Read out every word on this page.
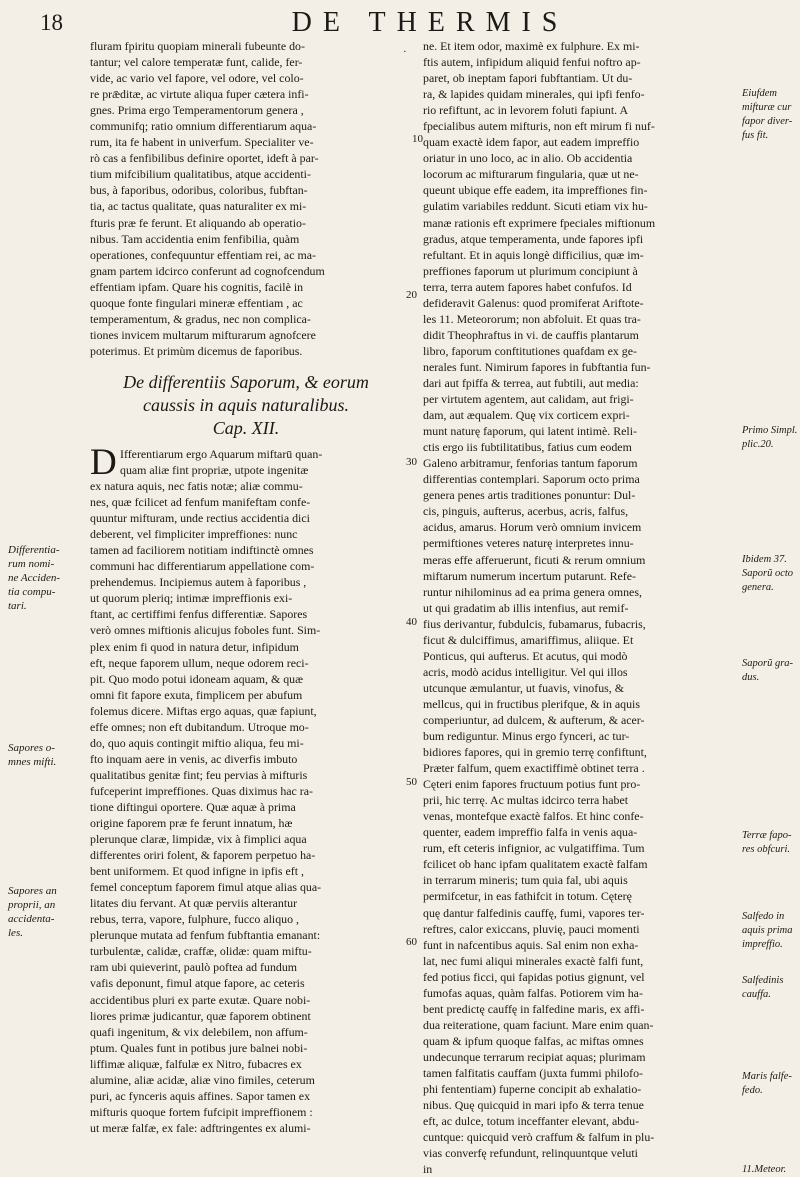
18	DE THERMIS
10
20
30
40
50
60
fluram fpiritu quopiam minerali fubeunte do-
tantur; vel calore temperatæ funt, calide, fer-
vide, ac vario vel fapore, vel odore, vel colo-
re prǣditæ, ac virtute aliqua fuper cætera infi-
gnes. Prima ergo Temperamentorum genera ,
communifq; ratio omnium differentiarum aqua-
rum, ita fe habent in univerfum. Specialiter ve-
rò cas a fenfibilibus definire oportet, ideft à par-
tium mifcibilium qualitatibus, atque accidenti-
bus, à faporibus, odoribus, coloribus, fubftan-
tia, ac tactus qualitate, quas naturaliter ex mi-
fturis præ fe ferunt. Et aliquando ab operatio-
nibus. Tam accidentia enim fenfibilia, quàm
operationes, confequuntur effentiam rei, ac ma-
gnam partem idcirco conferunt ad cognofcendum
effentiam ipfam. Quare his cognitis, facilè in
quoque fonte fingulari mineræ effentiam , ac
temperamentum, & gradus, nec non complica-
tiones invicem multarum mifturarum agnofcere
poterimus. Et primùm dicemus de faporibus.
De differentiis Saporum, & eorum
caussis in aquis naturalibus.
Cap. XII.
D Ifferentiarum ergo Aquarum miftarū quan-
quam aliæ fint propriæ, utpote ingenitæ
ex natura aquis, nec fatis notæ; aliæ commu-
nes, quæ fcilicet ad fenfum manifeftam confe-
quuntur mifturam, unde rectius accidentia dici
deberent, vel fimpliciter impreffiones: nunc
tamen ad faciliorem notitiam indiftinctè omnes
communi hac differentiarum appellatione com-
prehendemus. Incipiemus autem à faporibus ,
ut quorum pleriq; intimæ impreffionis exi-
ftant, ac certiffimi fenfus differentiæ. Sapores
verò omnes miftionis alicujus foboles funt. Sim-
plex enim fi quod in natura detur, infipidum
eft, neque faporem ullum, neque odorem reci-
pit. Quo modo potui idoneam aquam, & quæ
omni fit fapore exuta, fimplicem per abufum
folemus dicere. Miftas ergo aquas, quæ fapiunt,
effe omnes; non eft dubitandum. Utroque mo-
do, quo aquis contingit miftio aliqua, feu mi-
fto inquam aere in venis, ac diverfis imbuto
qualitatibus genitæ fint; feu pervias à mifturis
fufceperint impreffiones. Quas diximus hac ra-
tione diftingui oportere. Quæ aquæ à prima
origine faporem præ fe ferunt innatum, hæ
plerunque claræ, limpidæ, vix à fimplici aqua
differentes oriri folent, & faporem perpetuo ha-
bent uniformem. Et quod infigne in ipfis eft ,
femel conceptum faporem fimul atque alias qua-
litates diu fervant. At quæ perviis alterantur
rebus, terra, vapore, fulphure, fucco aliquo ,
plerunque mutata ad fenfum fubftantia emanant:
turbulentæ, calidæ, craffæ, olidæ: quam miftu-
ram ubi quieverint, paulò poftea ad fundum
vafis deponunt, fimul atque fapore, ac ceteris
accidentibus pluri ex parte exutæ. Quare nobi-
liores primæ judicantur, quæ faporem obtinent
quafi ingenitum, & vix delebilem, non affum-
ptum. Quales funt in potibus jure balnei nobi-
liffimæ aliquæ, falfulæ ex Nitro, fubacres ex
alumine, aliæ acidæ, aliæ vino fimiles, ceterum
puri, ac fynceris aquis affines. Sapor tamen ex
mifturis quoque fortem fufcipit impreffionem :
ut meræ falfæ, ex fale: adftringentes ex alumi-
ne. Et item odor, maximè ex fulphure. Ex mi-
ftis autem, infipidum aliquid fenfui noftro ap-
paret, ob ineptam fapori fubftantiam. Ut du-
ra, & lapides quidam minerales, qui ipfi fenfo-
rio refiftunt, ac in levorem foluti fapiunt. A
fpecialibus autem mifturis, non eft mirum fi nuf-
quam exactè idem fapor, aut eadem impreffio
oriatur in uno loco, ac in alio. Ob accidentia
locorum ac mifturarum fingularia, quæ ut ne-
queunt ubique effe eadem, ita impreffiones fin-
gulatim variabiles reddunt. Sicuti etiam vix hu-
manæ rationis eft exprimere fpeciales miftionum
gradus, atque temperamenta, unde fapores ipfi
refultant. Et in aquis longè difficilius, quæ im-
preffiones faporum ut plurimum concipiunt à
terra, terra autem fapores habet confufos. Id
defideravit Galenus: quod promiferat Ariftote-
les 11. Meteororum; non abfoluit. Et quas tra-
didit Theophraftus in vi. de cauffis plantarum
libro, faporum conftitutiones quafdam ex ge-
nerales funt. Nimirum fapores in fubftantia fun-
dari aut fpiffa & terrea, aut fubtili, aut media:
per virtutem agentem, aut calidam, aut frigi-
dam, aut æqualem. Quę vix corticem expri-
munt naturę faporum, qui latent intimè. Reli-
ctis ergo iis fubtilitatibus, fatius cum eodem
Galeno arbitramur, fenforias tantum faporum
differentias contemplari. Saporum octo prima
genera penes artis traditiones ponuntur: Dul-
cis, pinguis, aufterus, acerbus, acris, falfus,
acidus, amarus. Horum verò omnium invicem
permiftiones veteres naturę interpretes innu-
meras effe afferuerunt, ficuti & rerum omnium
miftarum numerum incertum putarunt. Refe-
runtur nihilominus ad ea prima genera omnes,
ut qui gradatim ab illis intenfius, aut remif-
fius derivantur, fubdulcis, fubamarus, fubacris,
ficut & dulciffimus, amariffimus, aliique. Et
Ponticus, qui aufterus. Et acutus, qui modò
acris, modò acidus intelligitur. Vel qui illos
utcunque æmulantur, ut fuavis, vinofus, &
mellcus, qui in fructibus plerifque, & in aquis
comperiuntur, ad dulcem, & aufterum, & acer-
bum rediguntur. Minus ergo fynceri, ac tur-
bidiores fapores, qui in gremio terrę confiftunt,
Præter falfum, quem exactiffimè obtinet terra .
Cęteri enim fapores fructuum potius funt pro-
prii, hic terrę. Ac multas idcirco terra habet
venas, montefque exactè falfos. Et hinc confe-
quenter, eadem impreffio falfa in venis aqua-
rum, eft ceteris infignior, ac vulgatiffima. Tum
fcilicet ob hanc ipfam qualitatem exactè falfam
in terrarum mineris; tum quia fal, ubi aquis
permifcetur, in eas fathifcit in totum. Cęterę
quę dantur falfedinis cauffę, fumi, vapores ter-
reftres, calor exiccans, pluvię, pauci momenti
funt in nafcentibus aquis. Sal enim non exha-
lat, nec fumi aliqui minerales exactè falfi funt,
fed potius ficci, qui fapidas potius gignunt, vel
fumofas aquas, quàm falfas. Potiorem vim ha-
bent predictę cauffę in falfedine maris, ex affi-
dua reiteratione, quam faciunt. Mare enim quan-
quam & ipfum quoque falfas, ac miftas omnes
undecunque terrarum recipiat aquas; plurimam
tamen falfitatis cauffam (juxta fummi philofo-
phi fententiam) fuperne concipit ab exhalatio-
nibus. Quę quicquid in mari ipfo & terra tenue
eft, ac dulce, totum inceffanter elevant, abdu-
cuntque: quicquid verò craffum & falfum in plu-
vias converfę refundunt, relinquuntque veluti
in
Differentia-
rum nomi-
ne Acciden-
tia compu-
tari.
Sapores o-
mnes mifti.
Sapores an
proprii, an
accidenta-
les.
Eiufdem
mifturæ cur
fapor diver-
fus fit.
Primo Simpl.
plic.20.
Ibidem 37.
Saporũ octo
genera.
Saporũ gra-
dus.
Terræ fapo-
res obfcuri.
Salfedo in
aquis prima
impreffio.
Salfedinis
cauffa.
Maris falfe-
fedo.
11.Meteor.
·
